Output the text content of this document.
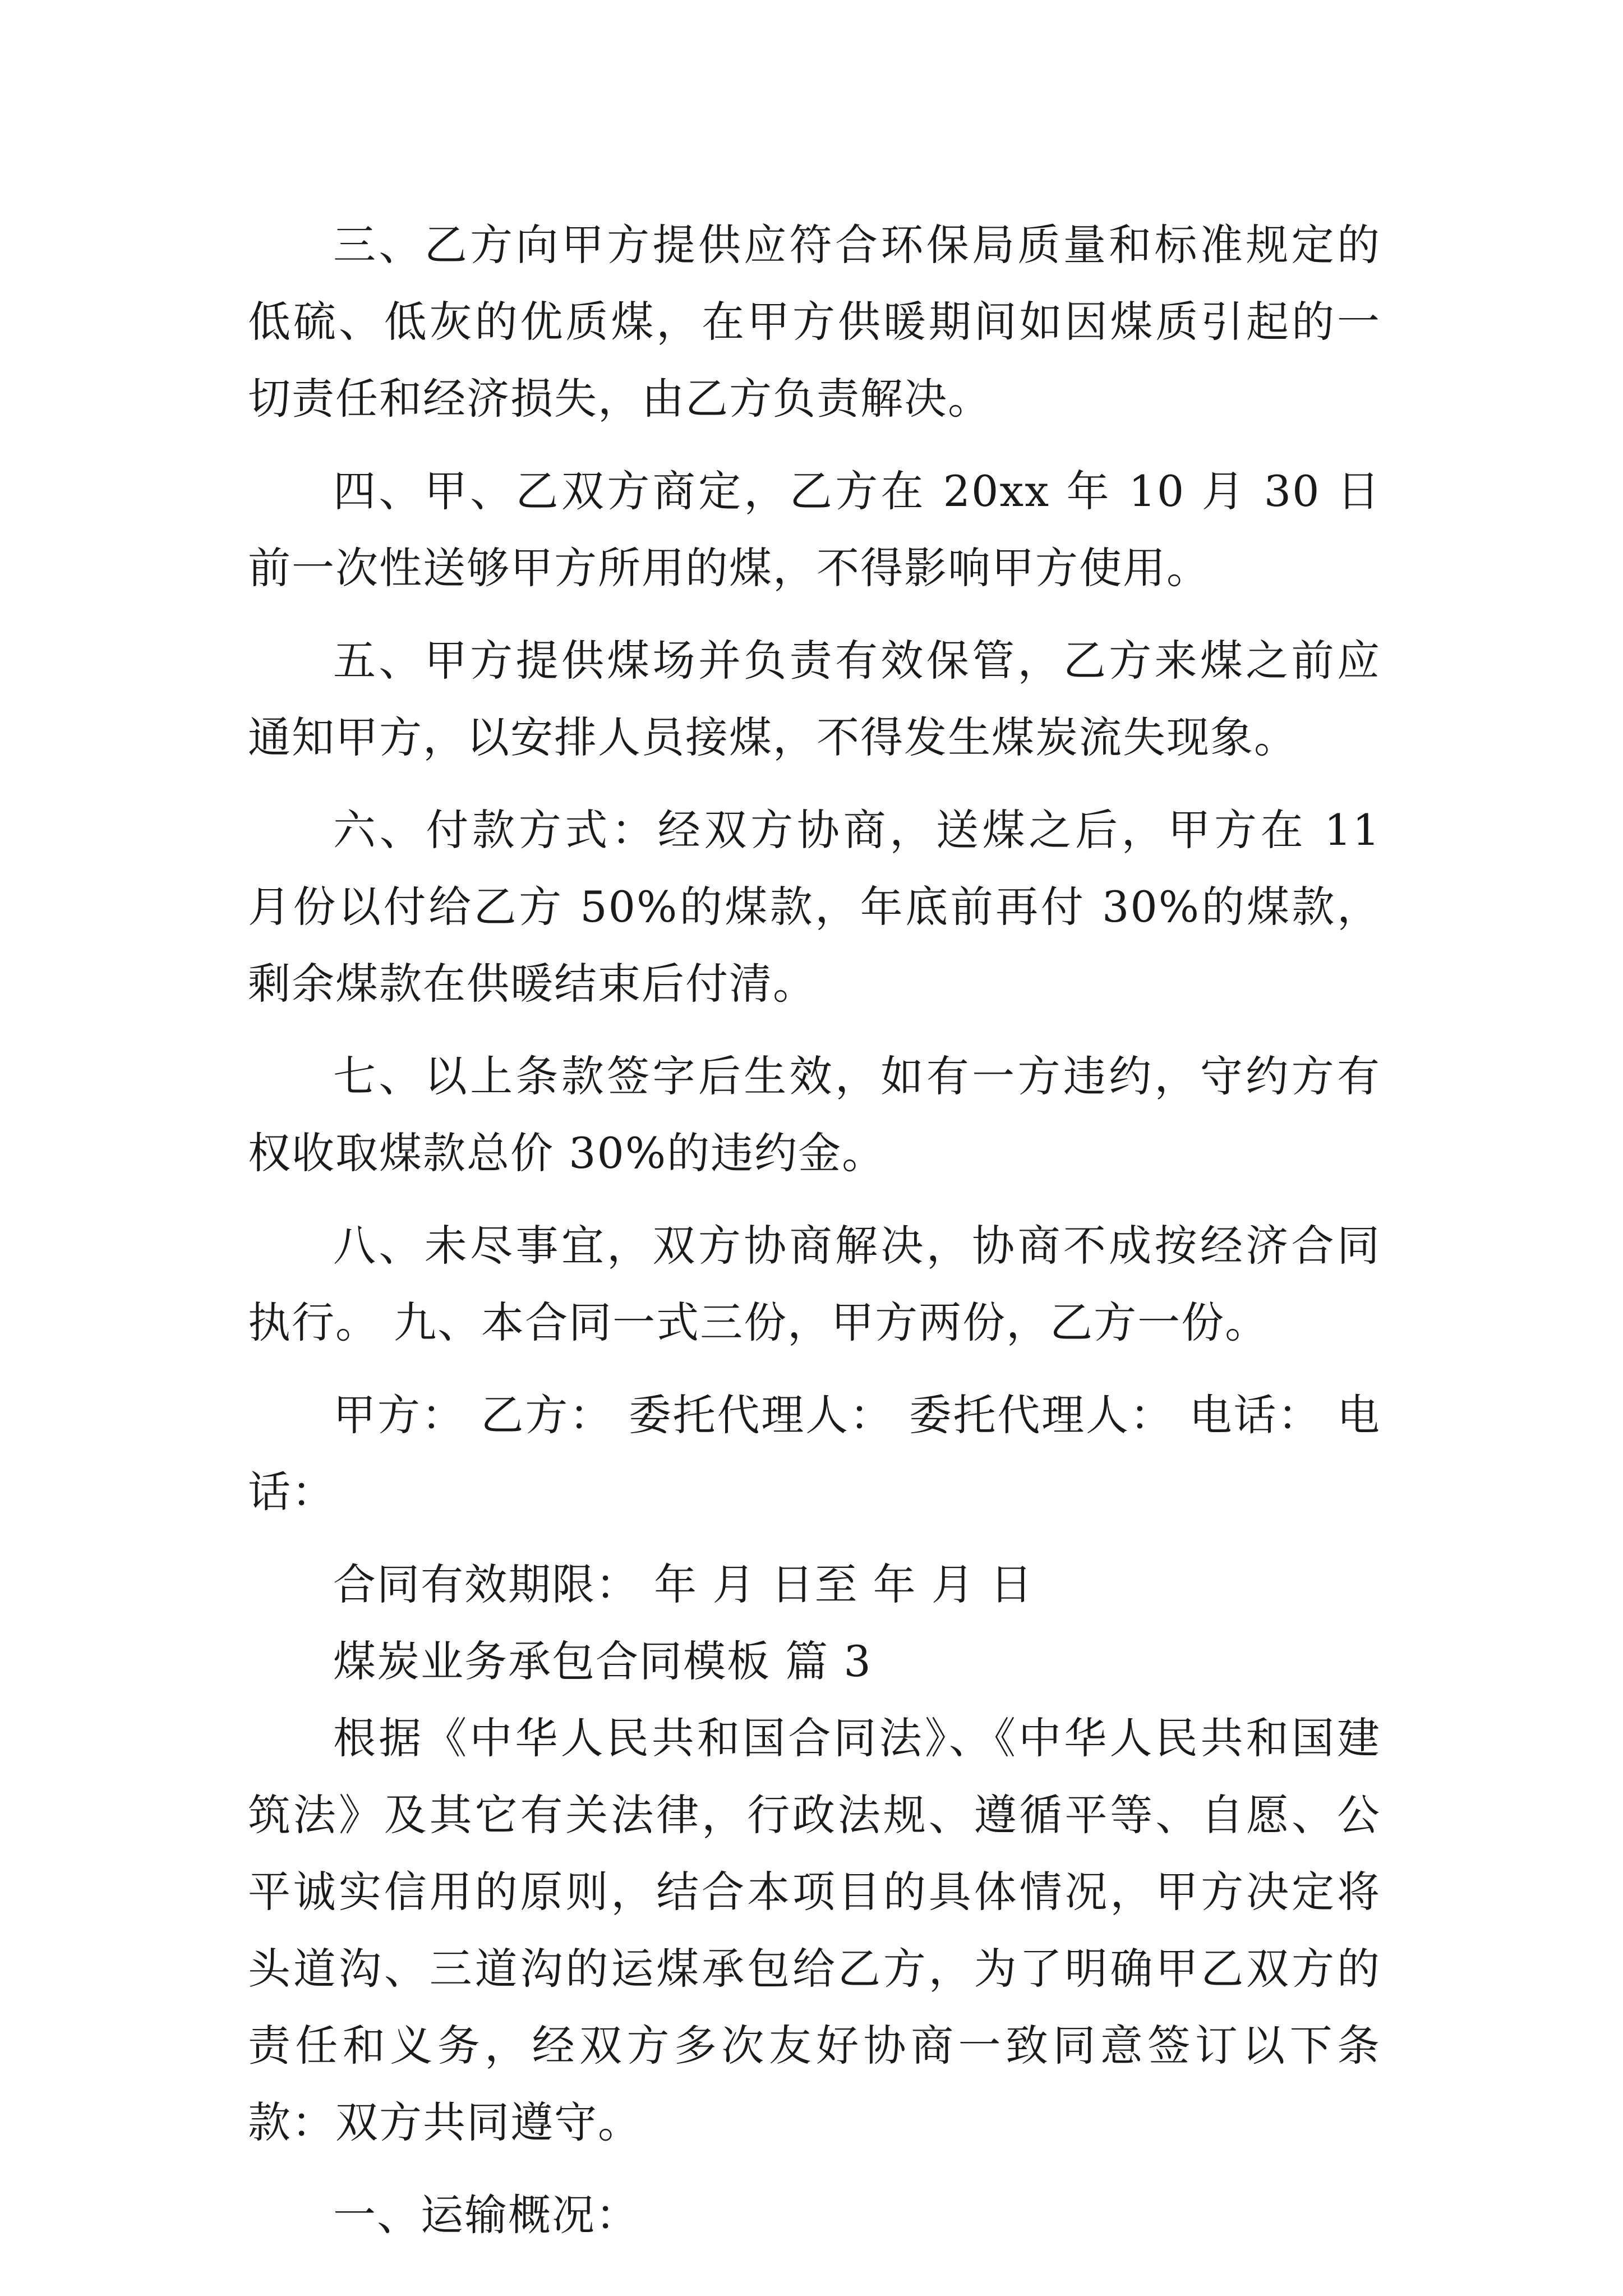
三、乙方向甲方提供应符合环保局质量和标准规定的低硫、低灰的优质煤，在甲方供暖期间如因煤质引起的一切责任和经济损失，由乙方负责解决。

四、甲、乙双方商定，乙方在 20xx 年 10 月 30 日前一次性送够甲方所用的煤，不得影响甲方使用。

五、甲方提供煤场并负责有效保管，乙方来煤之前应通知甲方，以安排人员接煤，不得发生煤炭流失现象。

六、付款方式：经双方协商，送煤之后，甲方在 11 月份以付给乙方 50%的煤款，年底前再付 30%的煤款，剩余煤款在供暖结束后付清。

七、以上条款签字后生效，如有一方违约，守约方有权收取煤款总价 30%的违约金。

八、未尽事宜，双方协商解决，协商不成按经济合同执行。 九、本合同一式三份，甲方两份，乙方一份。

甲方： 乙方： 委托代理人： 委托代理人： 电话： 电话：

合同有效期限： 年 月 日至 年 月 日

煤炭业务承包合同模板 篇 3

根据《中华人民共和国合同法》、《中华人民共和国建筑法》及其它有关法律，行政法规、遵循平等、自愿、公平诚实信用的原则，结合本项目的具体情况，甲方决定将头道沟、三道沟的运煤承包给乙方，为了明确甲乙双方的责任和义务，经双方多次友好协商一致同意签订以下条款：双方共同遵守。

一、运输概况：
